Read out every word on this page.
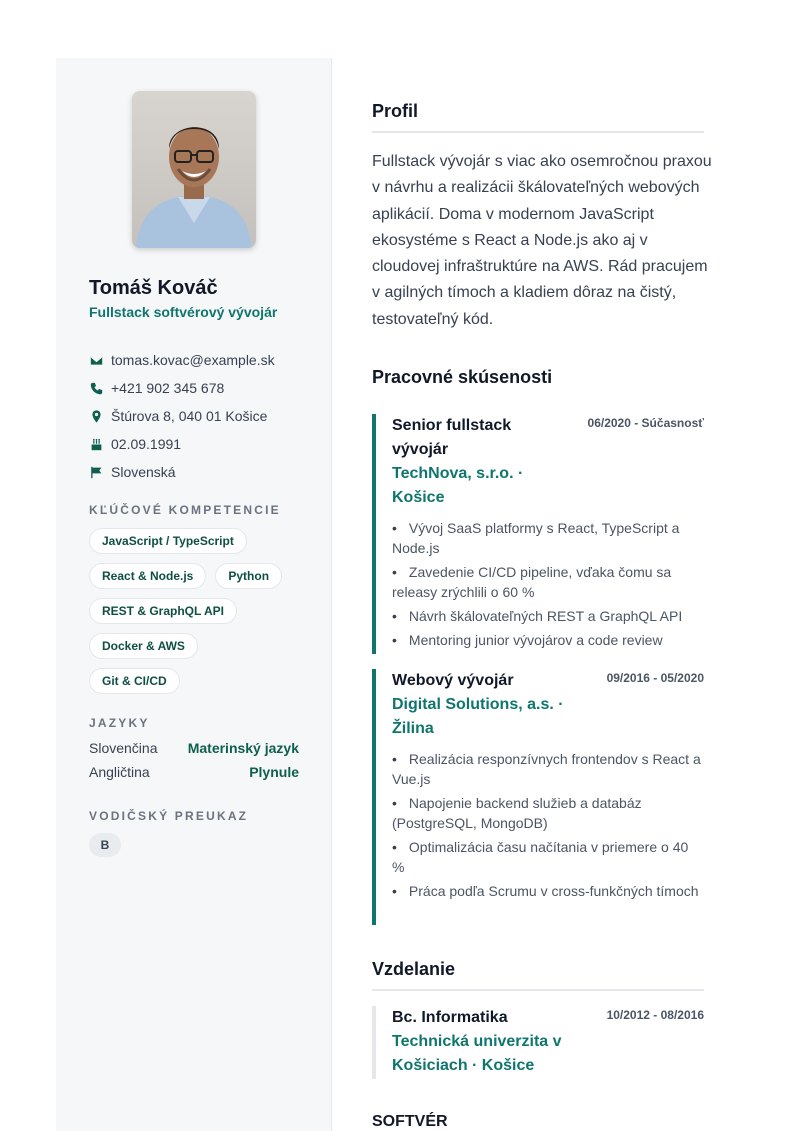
Tomáš Kováč
Fullstack softvérový vývojár
tomas.kovac@example.sk
+421 902 345 678
Štúrova 8, 040 01 Košice
02.09.1991
Slovenská
KĽÚČOVÉ KOMPETENCIE
JavaScript / TypeScript
React & Node.js	Python
REST & GraphQL API
Docker & AWS
Git & CI/CD
JAZYKY
Slovenčina Materinský jazyk
Angličtina	Plynule
VODIČSKÝ PREUKAZ
B
Profil
Fullstack vývojár s viac ako osemročnou praxou v návrhu a realizácii škálovateľných webových aplikácií. Doma v modernom JavaScript ekosystéme s React a Node.js ako aj v cloudovej infraštruktúre na AWS. Rád pracujem v agilných tímoch a kladiem dôraz na čistý, testovateľný kód.
Pracovné skúsenosti
Senior fullstack vývojár
TechNova, s.r.o. · Košice
06/2020 - Súčasnosť
• Vývoj SaaS platformy s React, TypeScript a Node.js
• Zavedenie CI/CD pipeline, vďaka čomu sa releasy zrýchlili o 60 %
• Návrh škálovateľných REST a GraphQL API
• Mentoring junior vývojárov a code review
Webový vývojár
Digital Solutions, a.s. · Žilina
09/2016 - 05/2020
• Realizácia responzívnych frontendov s React a Vue.js
• Napojenie backend služieb a databáz (PostgreSQL, MongoDB)
• Optimalizácia času načítania v priemere o 40 %
• Práca podľa Scrumu v cross-funkčných tímoch
Vzdelanie
Bc. Informatika
Technická univerzita v Košiciach · Košice
10/2012 - 08/2016
SOFTVÉR
